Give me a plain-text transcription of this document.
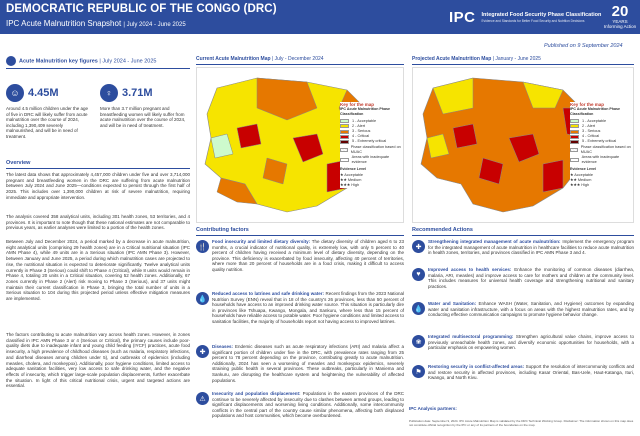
DEMOCRATIC REPUBLIC OF THE CONGO (DRC)
IPC Acute Malnutrition Snapshot | July 2024 - June 2025	IPC Integrated Food Security Phase Classification
Evidence and Standards for Better Food Security and Nutrition Decisions
20
YEARS
Informing Action
Published on 9 September 2024
Acute Malnutrition key figures | July 2024 - June 2025
☺ 4.45M
Around 4.5 million children under the age of five in DRC will likely suffer from acute malnutrition over the course of 2024, including 1,390,409 severely malnourished, and will be in need of treatment.
♀ 3.71M
More than 3.7 million pregnant and breastfeeding women will likely suffer from acute malnutrition over the course of 2024, and will be in need of treatment.
Overview
The latest data shows that approximately 4,457,000 children under five and over 3,714,000 pregnant and breastfeeding women in the DRC are suffering from acute malnutrition between July 2024 and June 2025—conditions expected to persist through the first half of 2025. This includes over 1,390,000 children at risk of severe malnutrition, requiring immediate and appropriate intervention.
The analysis covered 358 analytical units, including 301 health zones, 53 territories, and 4 provinces. It is important to note though that these national estimates are not comparable to previous years, as earlier analyses were limited to a portion of the health zones.
Between July and December 2024, a period marked by a decrease in acute malnutrition, eight analytical units (comprising 29 health zones) are in a Critical nutritional situation (IPC AMN Phase 4), while 49 units are in a Serious situation (IPC AMN Phase 3). However, between January and June 2025, a period during which malnutrition cases are projected to rise, the nutritional situation is expected to deteriorate significantly. Twelve analytical units currently in Phase 3 (Serious) could shift to Phase 4 (Critical), while 8 units would remain in Phase 4, totaling 20 units in a Critical situation, covering 52 health zones. Additionally, 67 zones currently in Phase 2 (Alert) risk moving to Phase 3 (Serious), and 37 units might maintain their current classification in Phase 3, bringing the total number of units in a Serious situation to 104 during this projected period unless effective mitigation measures are implemented.
The factors contributing to acute malnutrition vary across health zones. However, in zones classified in IPC AMN Phase 3 or 4 (Serious or Critical), the primary causes include poor-quality diets due to inadequate infant and young child feeding (IYCF) practices, acute food insecurity, a high prevalence of childhood diseases (such as malaria, respiratory infections, and diarrheal diseases among children under 5), and outbreaks of epidemics (including measles, cholera, and monkeypox). Additionally, poor hygiene conditions, limited access to adequate sanitation facilities, very low access to safe drinking water, and the negative effects of insecurity, which trigger large-scale population displacements, further exacerbate the situation. In light of this critical nutritional crisis, urgent and targeted actions are essential.
Current Acute Malnutrition Map | July - December 2024
Key for the map
IPC Acute Malnutrition Phase Classification
1 - Acceptable
2 - Alert
3 - Serious
4 - Critical
5 - Extremely critical
Phase classification based on MUAC
Areas with inadequate evidence
Evidence Level
★ Acceptable
★★ Medium
★★★ High
Projected Acute Malnutrition Map | January - June 2025
Key for the map
IPC Acute Malnutrition Phase Classification
1 - Acceptable
2 - Alert
3 - Serious
4 - Critical
5 - Extremely critical
Phase classification based on MUAC
Areas with inadequate evidence
Evidence Level
★ Acceptable
★★ Medium
★★★ High
Contributing factors
🍴
Food insecurity and limited dietary diversity: The dietary diversity of children aged 6 to 23 months, a crucial indicator of nutritional quality, is extremely low, with only 5 percent to 40 percent of children having received a minimum level of dietary diversity, depending on the province. This deficiency is exacerbated by food insecurity, affecting 40 percent of territories, where more than 20 percent of households are in a food crisis, making it difficult to access quality nutrition.
💧
Reduced access to latrines and safe drinking water: Recent findings from the 2023 National Nutrition Survey (ENN) reveal that in 18 of the country's 26 provinces, less than 50 percent of households have access to an improved drinking water source. This situation is particularly dire in provinces like Tshuapa, Kwango, Mongala, and Sankuru, where less than 15 percent of households have reliable access to potable water. Poor hygiene conditions and limited access to sanitation facilities, the majority of households report not having access to improved latrines.
✚
Diseases: Endemic diseases such as acute respiratory infections (ARI) and malaria affect a significant portion of children under five in the DRC, with prevalence rates ranging from 25 percent to 78 percent depending on the province, contributing greatly to acute malnutrition. Additionally, 2024 has seen a worsening of measles and monkeypox epidemics, severely straining public health in several provinces. These outbreaks, particularly in Maniema and Sankuru, are disrupting the healthcare system and heightening the vulnerability of affected populations.
⚠
Insecurity and population displacement: Populations in the eastern provinces of the DRC continue to be severely affected by insecurity due to clashes between armed groups, leading to significant displacements and worsening living conditions. Additionally, some intercommunity conflicts in the central part of the country cause similar phenomena, affecting both displaced populations and host communities, which become overburdened.
Recommended Actions
✚
Strengthening integrated management of acute malnutrition: Implement the emergency program for the integrated management of acute malnutrition in healthcare facilities to reduce acute malnutrition in health zones, territories, and provinces classified in IPC AMN Phase 3 and 4.
♥
Improved access to health services: Enhance the monitoring of common diseases (diarrhea, malaria, ARI, measles) and improve access to care for mothers and children at the community level. This includes measures for universal health coverage and strengthening nutritional and sanitary practices.
💧
Water and Sanitation: Enhance WASH (Water, Sanitation, and Hygiene) outcomes by expanding water and sanitation infrastructure, with a focus on areas with the highest malnutrition rates, and by conducting effective communication campaigns to promote hygiene behavior change.
❀
Integrated multisectoral programming: Strengthen agricultural value chains, improve access to previously unreachable health zones, and diversify economic opportunities for households, with a particular emphasis on empowering women.
⚑
Restoring security in conflict-affected areas: Support the resolution of intercommunity conflicts and and restore security in affected provinces, including Kasaï Oriental, Bas-Uele, Haut-Katanga, Ituri, Kwango, and North Kivu.
IPC Analysis partners:
Publication date: September 9, 2024. IPC Acute Malnutrition Map is validated by the DRC Technical Working Group. Disclaimer: The information shown on this map does not constitute official recognition by the IPC or any of its partners of the boundaries on the map.
